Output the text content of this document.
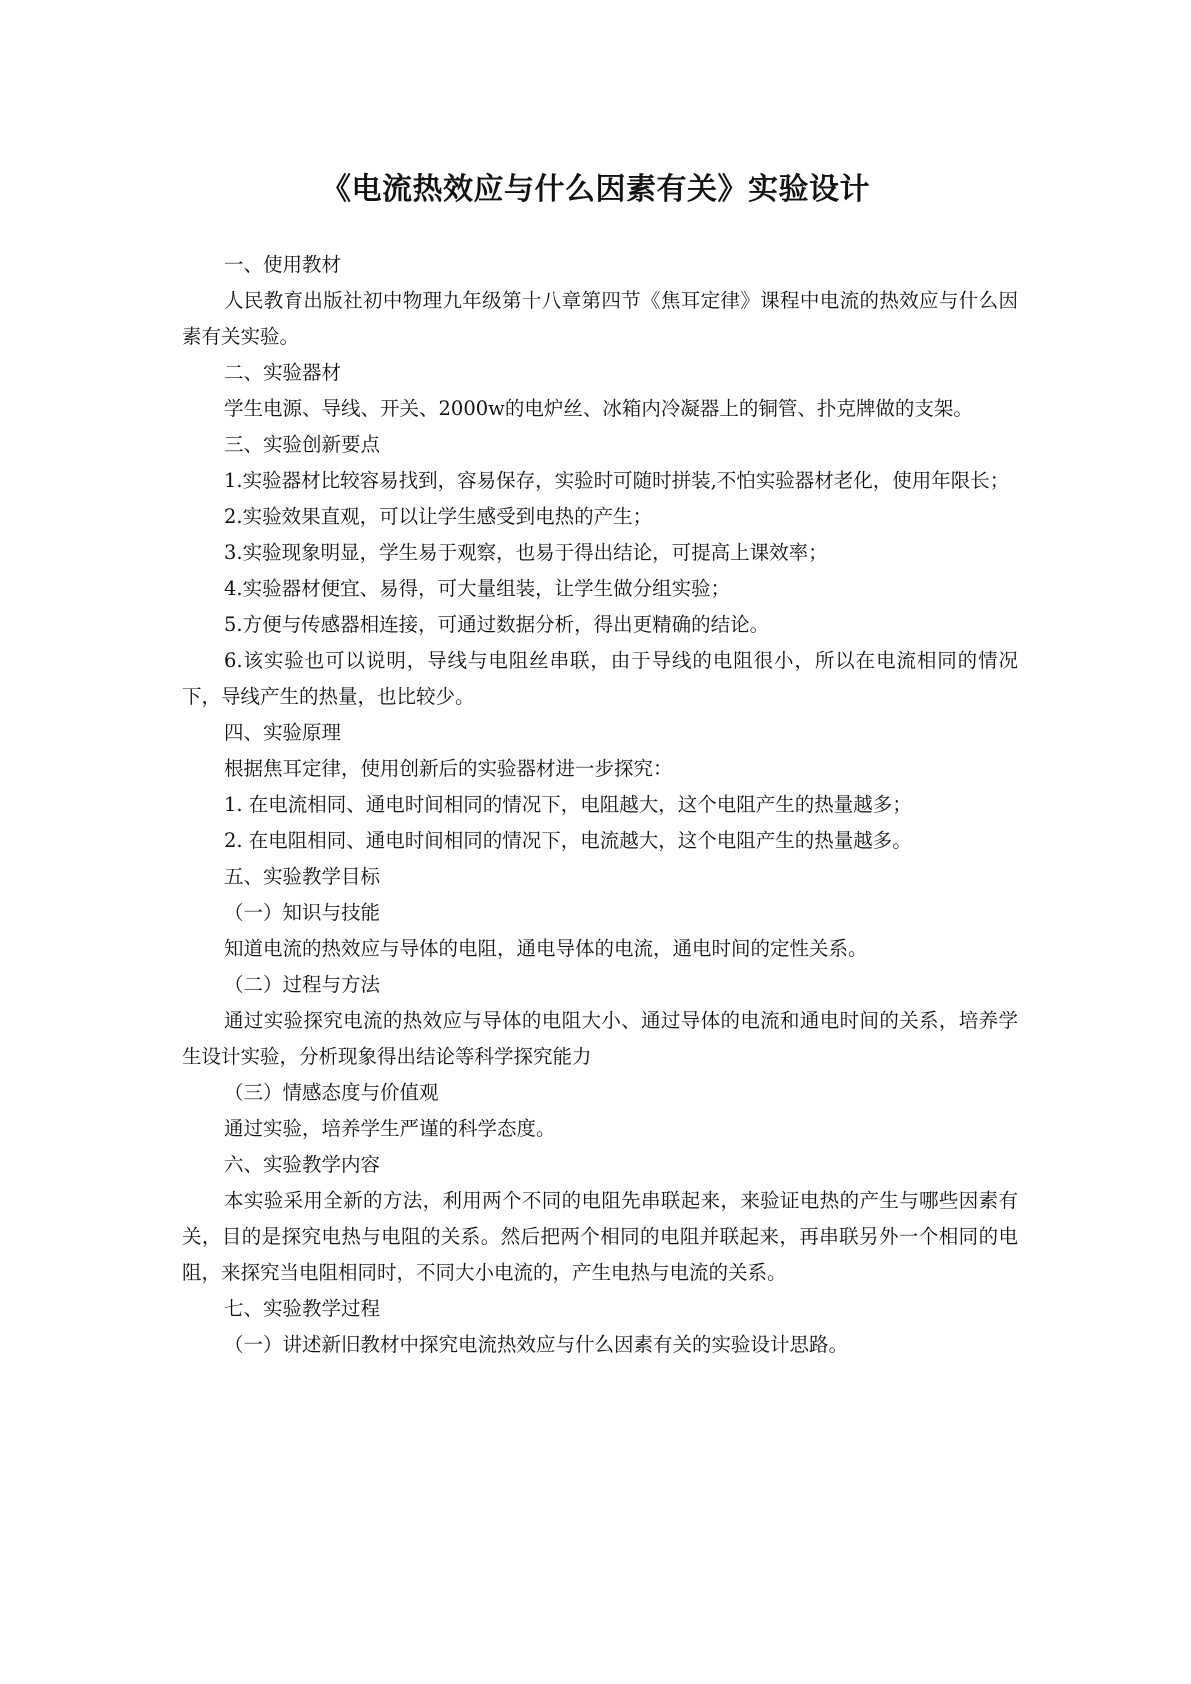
《电流热效应与什么因素有关》实验设计

一、使用教材

人民教育出版社初中物理九年级第十八章第四节《焦耳定律》课程中电流的热效应与什么因素有关实验。

二、实验器材

学生电源、导线、开关、2000w的电炉丝、冰箱内冷凝器上的铜管、扑克牌做的支架。

三、实验创新要点

1.实验器材比较容易找到，容易保存，实验时可随时拼装,不怕实验器材老化，使用年限长；

2.实验效果直观，可以让学生感受到电热的产生；

3.实验现象明显，学生易于观察，也易于得出结论，可提高上课效率；

4.实验器材便宜、易得，可大量组装，让学生做分组实验；

5.方便与传感器相连接，可通过数据分析，得出更精确的结论。

6.该实验也可以说明，导线与电阻丝串联，由于导线的电阻很小，所以在电流相同的情况下，导线产生的热量，也比较少。

四、实验原理

根据焦耳定律，使用创新后的实验器材进一步探究：

1. 在电流相同、通电时间相同的情况下，电阻越大，这个电阻产生的热量越多；

2. 在电阻相同、通电时间相同的情况下，电流越大，这个电阻产生的热量越多。

五、实验教学目标

（一）知识与技能

知道电流的热效应与导体的电阻，通电导体的电流，通电时间的定性关系。

（二）过程与方法

通过实验探究电流的热效应与导体的电阻大小、通过导体的电流和通电时间的关系，培养学生设计实验，分析现象得出结论等科学探究能力

（三）情感态度与价值观

通过实验，培养学生严谨的科学态度。

六、实验教学内容

本实验采用全新的方法，利用两个不同的电阻先串联起来，来验证电热的产生与哪些因素有关，目的是探究电热与电阻的关系。然后把两个相同的电阻并联起来，再串联另外一个相同的电阻，来探究当电阻相同时，不同大小电流的，产生电热与电流的关系。

七、实验教学过程

（一）讲述新旧教材中探究电流热效应与什么因素有关的实验设计思路。
